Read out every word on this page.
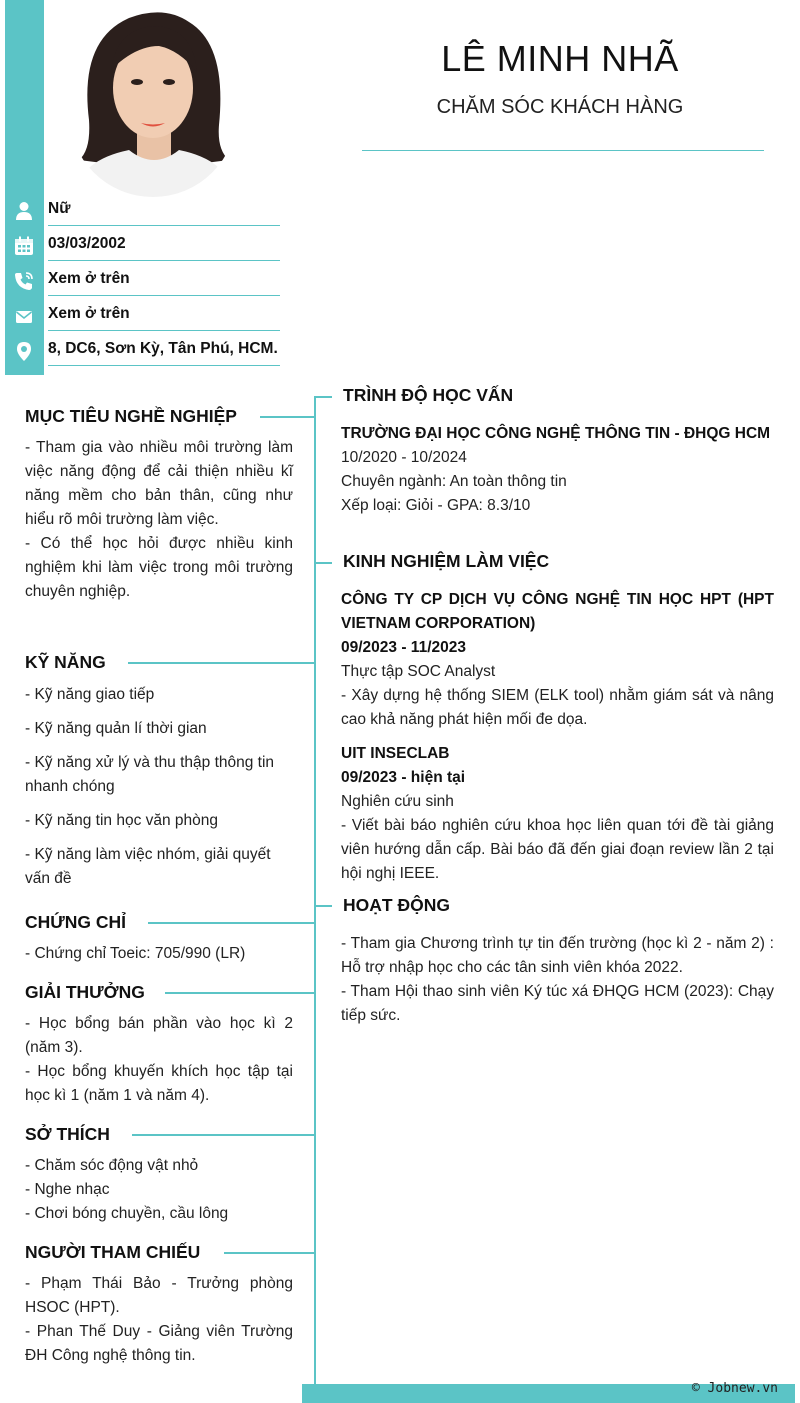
LÊ MINH NHÃ
CHĂM SÓC KHÁCH HÀNG
Nữ
03/03/2002
Xem ở trên
Xem ở trên
8, DC6, Sơn Kỳ, Tân Phú, HCM.
MỤC TIÊU NGHỀ NGHIỆP

- Tham gia vào nhiều môi trường làm việc năng động để cải thiện nhiều kĩ năng mềm cho bản thân, cũng như hiểu rõ môi trường làm việc.

- Có thể học hỏi được nhiều kinh nghiệm khi làm việc trong môi trường chuyên nghiệp.

KỸ NĂNG
- Kỹ năng giao tiếp
- Kỹ năng quản lí thời gian
- Kỹ năng xử lý và thu thập thông tin nhanh chóng
- Kỹ năng tin học văn phòng
- Kỹ năng làm việc nhóm, giải quyết vấn đề
CHỨNG CHỈ
- Chứng chỉ Toeic: 705/990 (LR)
GIẢI THƯỞNG

- Học bổng bán phần vào học kì 2 (năm 3).

- Học bổng khuyến khích học tập tại học kì 1 (năm 1 và năm 4).

SỞ THÍCH
- Chăm sóc động vật nhỏ
- Nghe nhạc
- Chơi bóng chuyền, cầu lông
NGƯỜI THAM CHIẾU

- Phạm Thái Bảo - Trưởng phòng HSOC (HPT).

- Phan Thế Duy - Giảng viên Trường ĐH Công nghệ thông tin.

TRÌNH ĐỘ HỌC VẤN
TRƯỜNG ĐẠI HỌC CÔNG NGHỆ THÔNG TIN - ĐHQG HCM
10/2020 - 10/2024
Chuyên ngành: An toàn thông tin
Xếp loại: Giỏi - GPA: 8.3/10
KINH NGHIỆM LÀM VIỆC
CÔNG TY CP DỊCH VỤ CÔNG NGHỆ TIN HỌC HPT (HPT VIETNAM CORPORATION)
09/2023 - 11/2023
Thực tập SOC Analyst
- Xây dựng hệ thống SIEM (ELK tool) nhằm giám sát và nâng cao khả năng phát hiện mối đe dọa.
UIT INSECLAB
09/2023 - hiện tại
Nghiên cứu sinh
- Viết bài báo nghiên cứu khoa học liên quan tới đề tài giảng viên hướng dẫn cấp. Bài báo đã đến giai đoạn review lần 2 tại hội nghị IEEE.
HOẠT ĐỘNG
- Tham gia Chương trình tự tin đến trường (học kì 2 - năm 2) : Hỗ trợ nhập học cho các tân sinh viên khóa 2022.
- Tham Hội thao sinh viên Ký túc xá ĐHQG HCM (2023): Chạy tiếp sức.
© Jobnew.vn
